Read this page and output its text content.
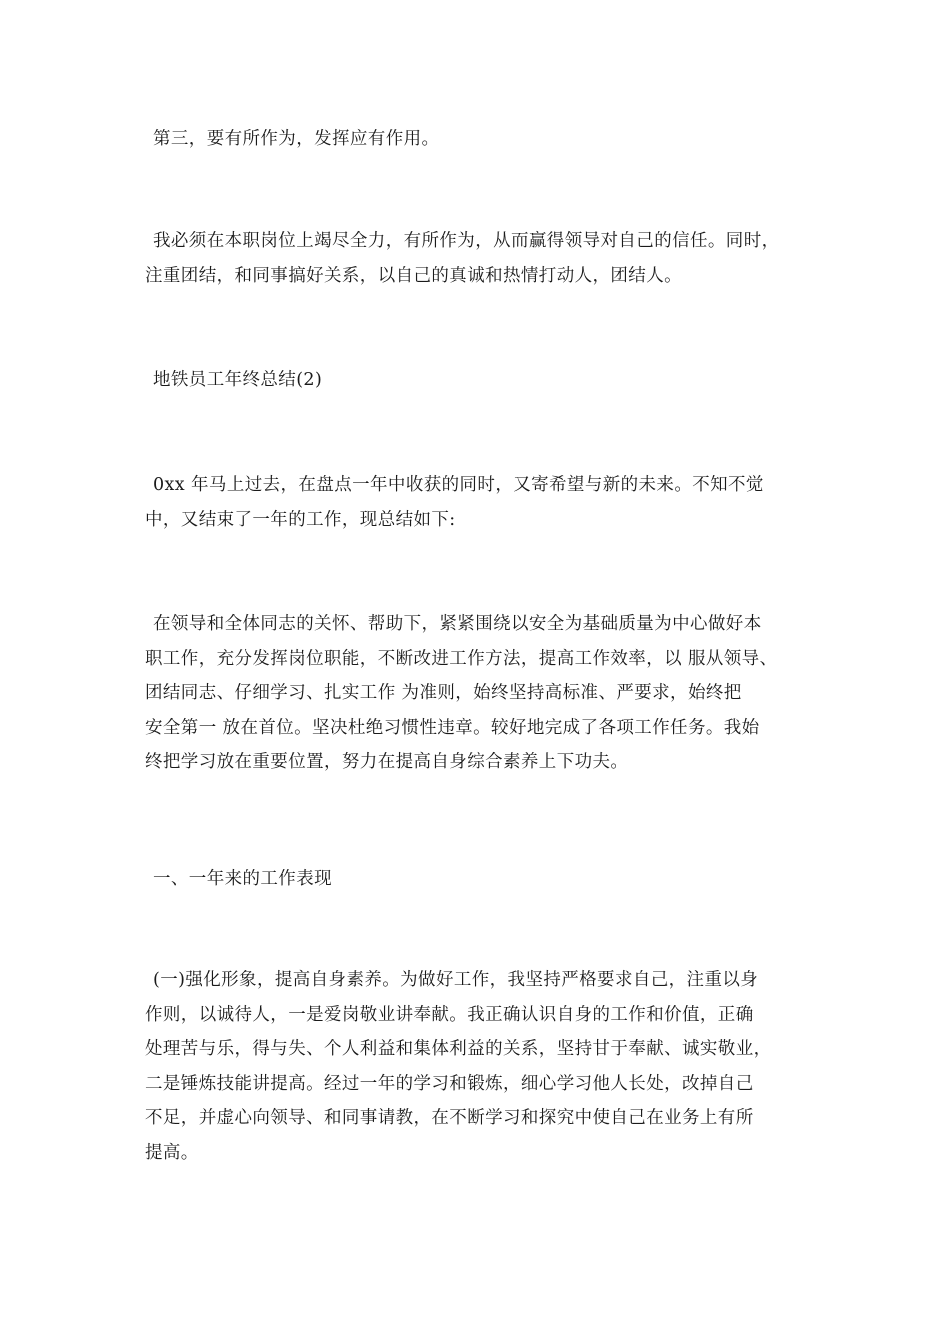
第三，要有所作为，发挥应有作用。

我必须在本职岗位上竭尽全力，有所作为，从而赢得领导对自己的信任。同时，
注重团结，和同事搞好关系，以自己的真诚和热情打动人，团结人。

地铁员工年终总结(2)

0xx 年马上过去，在盘点一年中收获的同时，又寄希望与新的未来。不知不觉
中，又结束了一年的工作，现总结如下:

在领导和全体同志的关怀、帮助下，紧紧围绕以安全为基础质量为中心做好本
职工作，充分发挥岗位职能，不断改进工作方法，提高工作效率，以 服从领导、
团结同志、仔细学习、扎实工作 为准则，始终坚持高标准、严要求，始终把
安全第一 放在首位。坚决杜绝习惯性违章。较好地完成了各项工作任务。我始
终把学习放在重要位置，努力在提高自身综合素养上下功夫。

一、一年来的工作表现

(一)强化形象，提高自身素养。为做好工作，我坚持严格要求自己，注重以身
作则，以诚待人，一是爱岗敬业讲奉献。我正确认识自身的工作和价值，正确
处理苦与乐，得与失、个人利益和集体利益的关系，坚持甘于奉献、诚实敬业，
二是锤炼技能讲提高。经过一年的学习和锻炼，细心学习他人长处，改掉自己
不足，并虚心向领导、和同事请教，在不断学习和探究中使自己在业务上有所
提高。
